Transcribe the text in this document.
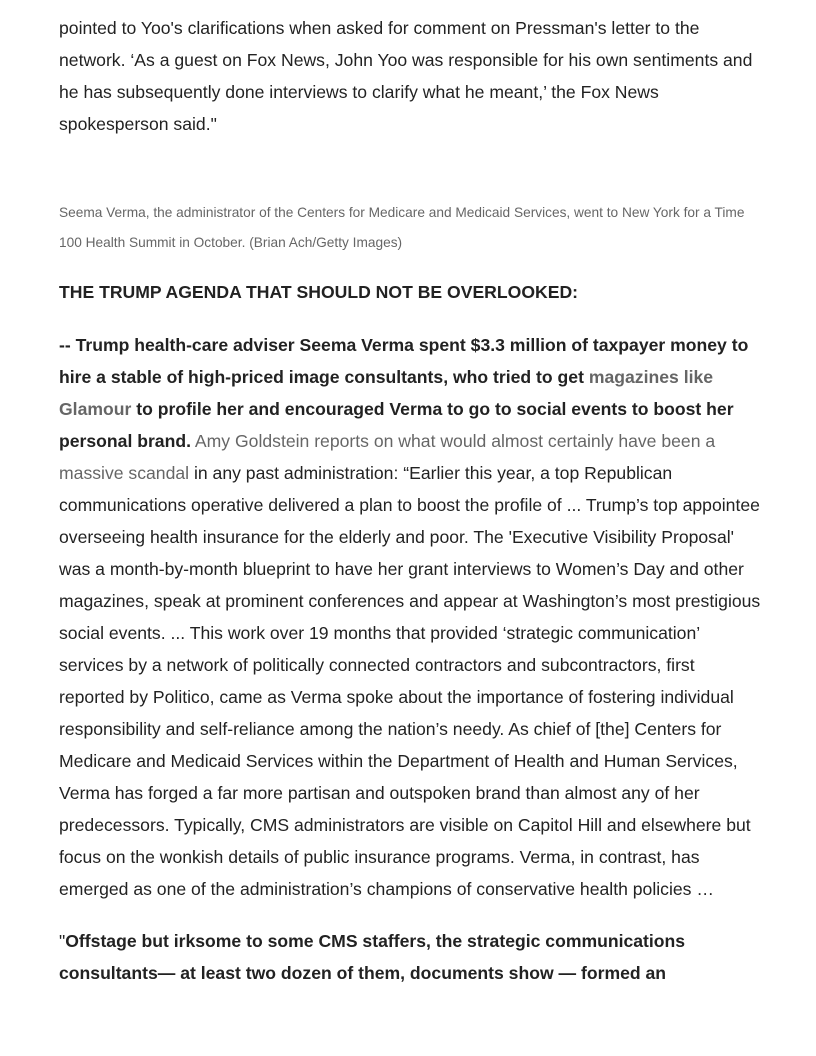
pointed to Yoo's clarifications when asked for comment on Pressman's letter to the network. ‘As a guest on Fox News, John Yoo was responsible for his own sentiments and he has subsequently done interviews to clarify what he meant,’ the Fox News spokesperson said."

Seema Verma, the administrator of the Centers for Medicare and Medicaid Services, went to New York for a Time 100 Health Summit in October. (Brian Ach/Getty Images)

THE TRUMP AGENDA THAT SHOULD NOT BE OVERLOOKED:

-- Trump health-care adviser Seema Verma spent $3.3 million of taxpayer money to hire a stable of high-priced image consultants, who tried to get magazines like Glamour to profile her and encouraged Verma to go to social events to boost her personal brand. Amy Goldstein reports on what would almost certainly have been a massive scandal in any past administration: “Earlier this year, a top Republican communications operative delivered a plan to boost the profile of ... Trump’s top appointee overseeing health insurance for the elderly and poor. The 'Executive Visibility Proposal' was a month-by-month blueprint to have her grant interviews to Women’s Day and other magazines, speak at prominent conferences and appear at Washington’s most prestigious social events. ... This work over 19 months that provided ‘strategic communication’ services by a network of politically connected contractors and subcontractors, first reported by Politico, came as Verma spoke about the importance of fostering individual responsibility and self-reliance among the nation’s needy. As chief of [the] Centers for Medicare and Medicaid Services within the Department of Health and Human Services, Verma has forged a far more partisan and outspoken brand than almost any of her predecessors. Typically, CMS administrators are visible on Capitol Hill and elsewhere but focus on the wonkish details of public insurance programs. Verma, in contrast, has emerged as one of the administration’s champions of conservative health policies …

"Offstage but irksome to some CMS staffers, the strategic communications consultants— at least two dozen of them, documents show — formed an
